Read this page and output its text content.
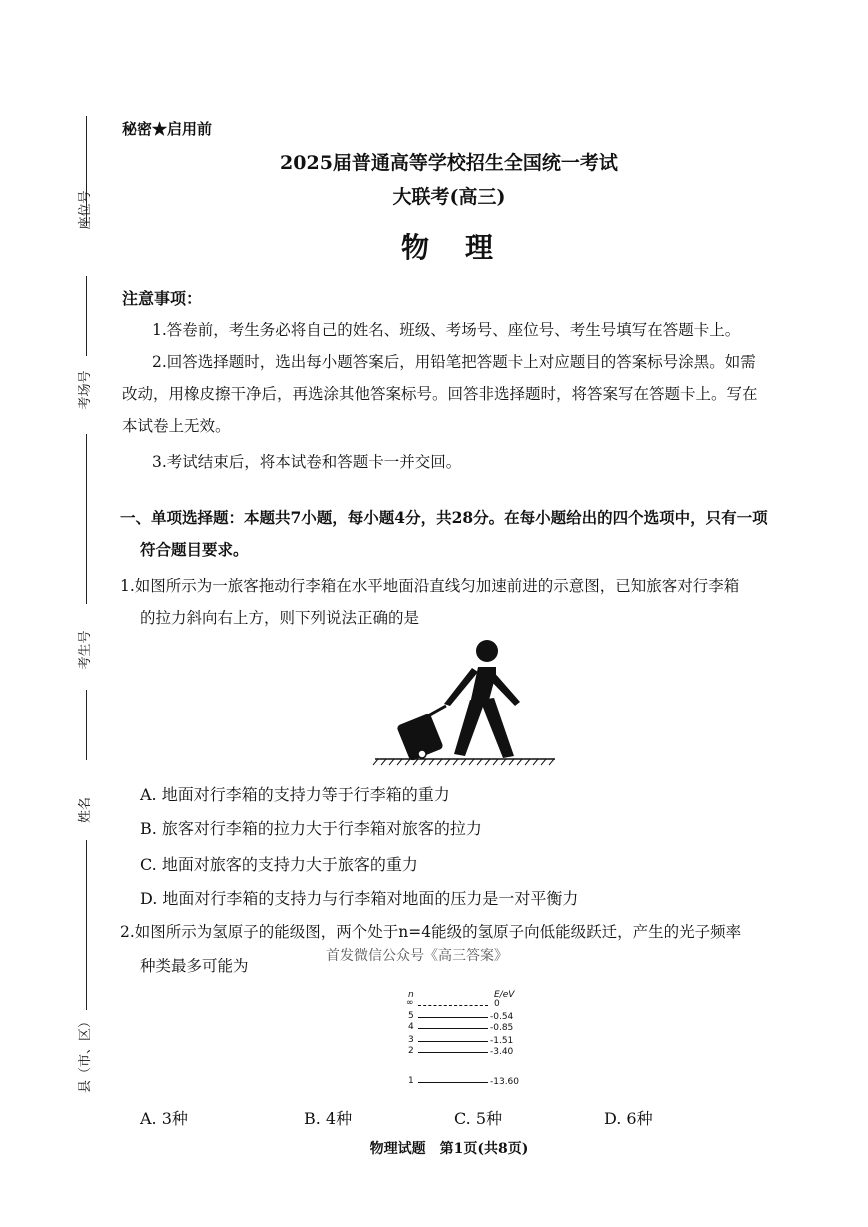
座位号
考场号
考生号
姓名
县（市、区）
秘密★启用前
2025届普通高等学校招生全国统一考试
大联考(高三)
物　理
注意事项：
1.答卷前，考生务必将自己的姓名、班级、考场号、座位号、考生号填写在答题卡上。
2.回答选择题时，选出每小题答案后，用铅笔把答题卡上对应题目的答案标号涂黑。如需
改动，用橡皮擦干净后，再选涂其他答案标号。回答非选择题时，将答案写在答题卡上。写在
本试卷上无效。
3.考试结束后，将本试卷和答题卡一并交回。
一、单项选择题：本题共7小题，每小题4分，共28分。在每小题给出的四个选项中，只有一项
符合题目要求。
1.如图所示为一旅客拖动行李箱在水平地面沿直线匀加速前进的示意图，已知旅客对行李箱
的拉力斜向右上方，则下列说法正确的是
A. 地面对行李箱的支持力等于行李箱的重力
B. 旅客对行李箱的拉力大于行李箱对旅客的拉力
C. 地面对旅客的支持力大于旅客的重力
D. 地面对行李箱的支持力与行李箱对地面的压力是一对平衡力
2.如图所示为氢原子的能级图，两个处于n=4能级的氢原子向低能级跃迁，产生的光子频率
种类最多可能为
首发微信公众号《高三答案》
n	E/eV
∞	0
5	-0.54
4	-0.85
3	-1.51
2	-3.40
1	-13.60
A. 3种	B. 4种	C. 5种	D. 6种
物理试题　第1页(共8页)
